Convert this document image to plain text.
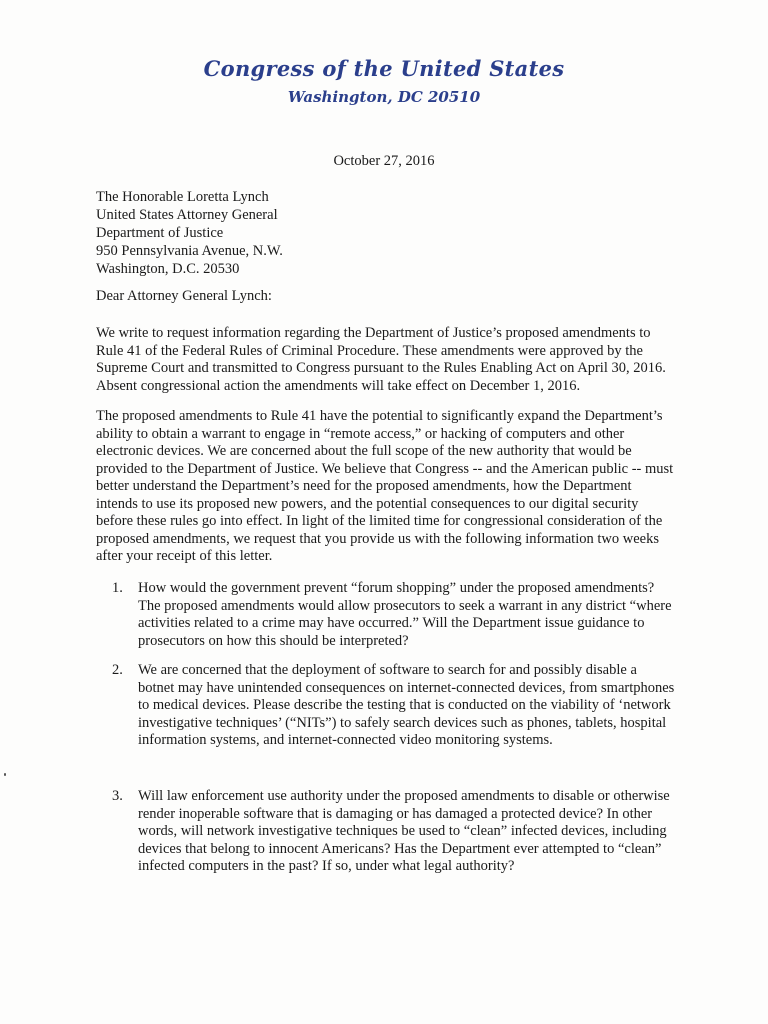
Congress of the United States
Washington, DC 20510
October 27, 2016
The Honorable Loretta Lynch
United States Attorney General
Department of Justice
950 Pennsylvania Avenue, N.W.
Washington, D.C. 20530
Dear Attorney General Lynch:
We write to request information regarding the Department of Justice’s proposed amendments to Rule 41 of the Federal Rules of Criminal Procedure. These amendments were approved by the Supreme Court and transmitted to Congress pursuant to the Rules Enabling Act on April 30, 2016. Absent congressional action the amendments will take effect on December 1, 2016.
The proposed amendments to Rule 41 have the potential to significantly expand the Department’s ability to obtain a warrant to engage in “remote access,” or hacking of computers and other electronic devices. We are concerned about the full scope of the new authority that would be provided to the Department of Justice. We believe that Congress -- and the American public -- must better understand the Department’s need for the proposed amendments, how the Department intends to use its proposed new powers, and the potential consequences to our digital security before these rules go into effect. In light of the limited time for congressional consideration of the proposed amendments, we request that you provide us with the following information two weeks after your receipt of this letter.
1.	How would the government prevent “forum shopping” under the proposed amendments? The proposed amendments would allow prosecutors to seek a warrant in any district “where activities related to a crime may have occurred.” Will the Department issue guidance to prosecutors on how this should be interpreted?
2.	We are concerned that the deployment of software to search for and possibly disable a botnet may have unintended consequences on internet-connected devices, from smartphones to medical devices. Please describe the testing that is conducted on the viability of ‘network investigative techniques’ (“NITs”) to safely search devices such as phones, tablets, hospital information systems, and internet-connected video monitoring systems.
3.	Will law enforcement use authority under the proposed amendments to disable or otherwise render inoperable software that is damaging or has damaged a protected device? In other words, will network investigative techniques be used to “clean” infected devices, including devices that belong to innocent Americans? Has the Department ever attempted to “clean” infected computers in the past? If so, under what legal authority?
